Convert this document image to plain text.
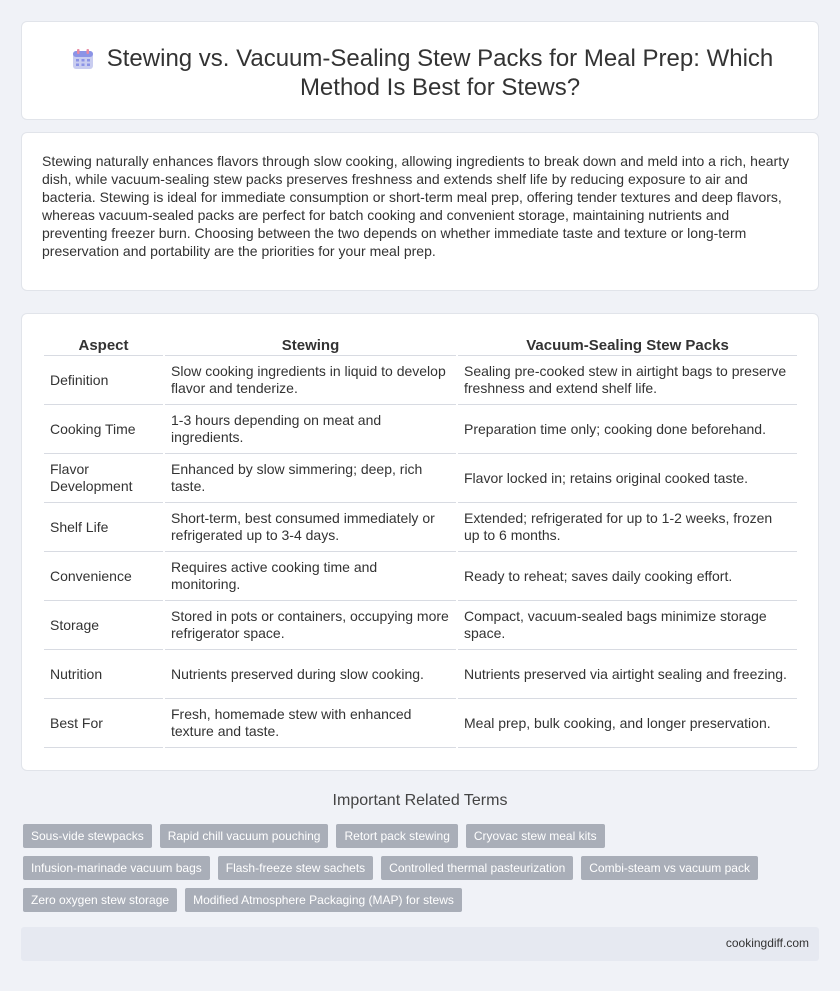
Stewing vs. Vacuum-Sealing Stew Packs for Meal Prep: Which Method Is Best for Stews?

Stewing naturally enhances flavors through slow cooking, allowing ingredients to break down and meld into a rich, hearty dish, while vacuum-sealing stew packs preserves freshness and extends shelf life by reducing exposure to air and bacteria. Stewing is ideal for immediate consumption or short-term meal prep, offering tender textures and deep flavors, whereas vacuum-sealed packs are perfect for batch cooking and convenient storage, maintaining nutrients and preventing freezer burn. Choosing between the two depends on whether immediate taste and texture or long-term preservation and portability are the priorities for your meal prep.

Aspect	Stewing	Vacuum-Sealing Stew Packs
Definition	Slow cooking ingredients in liquid to develop flavor and tenderize.	Sealing pre-cooked stew in airtight bags to preserve freshness and extend shelf life.
Cooking Time	1-3 hours depending on meat and ingredients.	Preparation time only; cooking done beforehand.
Flavor Development	Enhanced by slow simmering; deep, rich taste.	Flavor locked in; retains original cooked taste.
Shelf Life	Short-term, best consumed immediately or refrigerated up to 3-4 days.	Extended; refrigerated for up to 1-2 weeks, frozen up to 6 months.
Convenience	Requires active cooking time and monitoring.	Ready to reheat; saves daily cooking effort.
Storage	Stored in pots or containers, occupying more refrigerator space.	Compact, vacuum-sealed bags minimize storage space.
Nutrition	Nutrients preserved during slow cooking.	Nutrients preserved via airtight sealing and freezing.
Best For	Fresh, homemade stew with enhanced texture and taste.	Meal prep, bulk cooking, and longer preservation.
Important Related Terms
Sous-vide stewpacks	Rapid chill vacuum pouching	Retort pack stewing	Cryovac stew meal kits
Infusion-marinade vacuum bags	Flash-freeze stew sachets	Controlled thermal pasteurization	Combi-steam vs vacuum pack
Zero oxygen stew storage	Modified Atmosphere Packaging (MAP) for stews
cookingdiff.com
